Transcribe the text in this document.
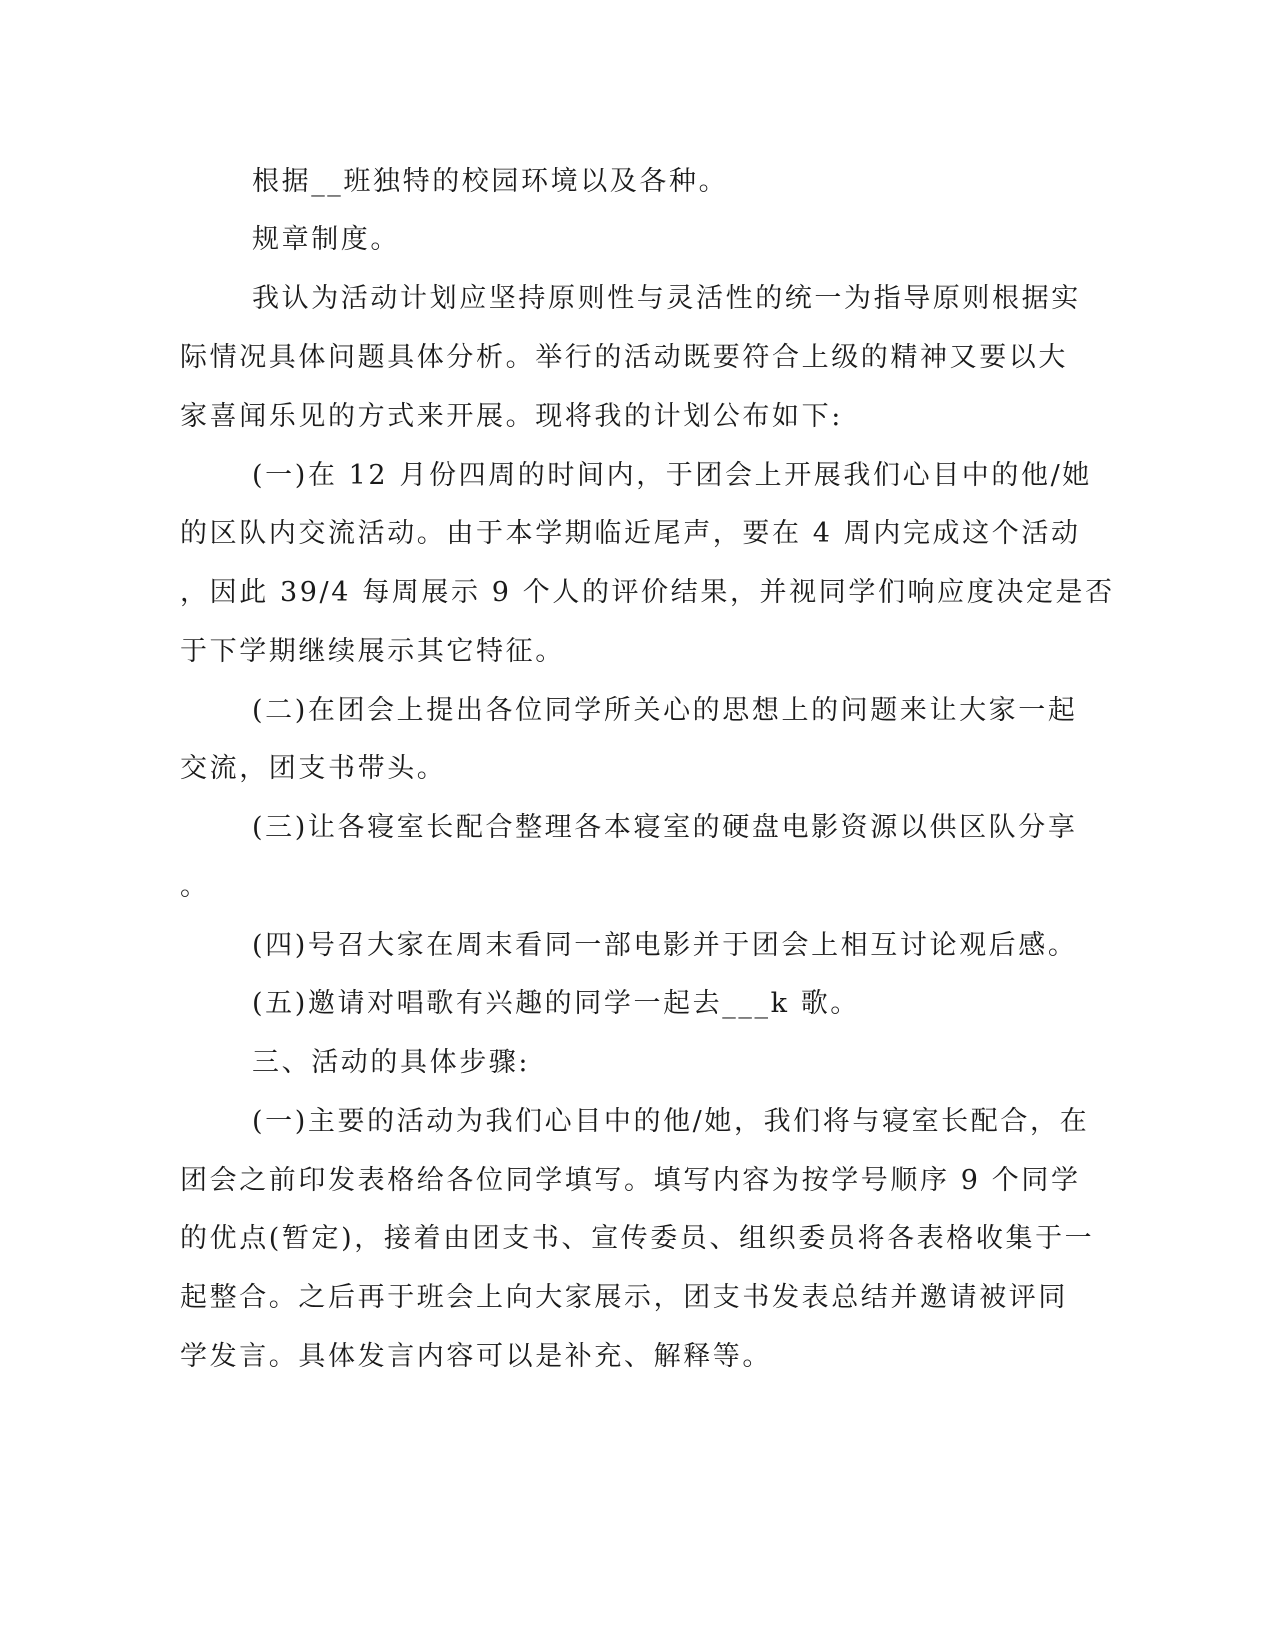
根据__班独特的校园环境以及各种。

规章制度。

我认为活动计划应坚持原则性与灵活性的统一为指导原则根据实

际情况具体问题具体分析。举行的活动既要符合上级的精神又要以大

家喜闻乐见的方式来开展。现将我的计划公布如下:

(一)在 12 月份四周的时间内，于团会上开展我们心目中的他/她

的区队内交流活动。由于本学期临近尾声，要在 4 周内完成这个活动

，因此 39/4 每周展示 9 个人的评价结果，并视同学们响应度决定是否

于下学期继续展示其它特征。

(二)在团会上提出各位同学所关心的思想上的问题来让大家一起

交流，团支书带头。

(三)让各寝室长配合整理各本寝室的硬盘电影资源以供区队分享

。

(四)号召大家在周末看同一部电影并于团会上相互讨论观后感。

(五)邀请对唱歌有兴趣的同学一起去___k 歌。

三、活动的具体步骤:

(一)主要的活动为我们心目中的他/她，我们将与寝室长配合，在

团会之前印发表格给各位同学填写。填写内容为按学号顺序 9 个同学

的优点(暂定)，接着由团支书、宣传委员、组织委员将各表格收集于一

起整合。之后再于班会上向大家展示，团支书发表总结并邀请被评同

学发言。具体发言内容可以是补充、解释等。
